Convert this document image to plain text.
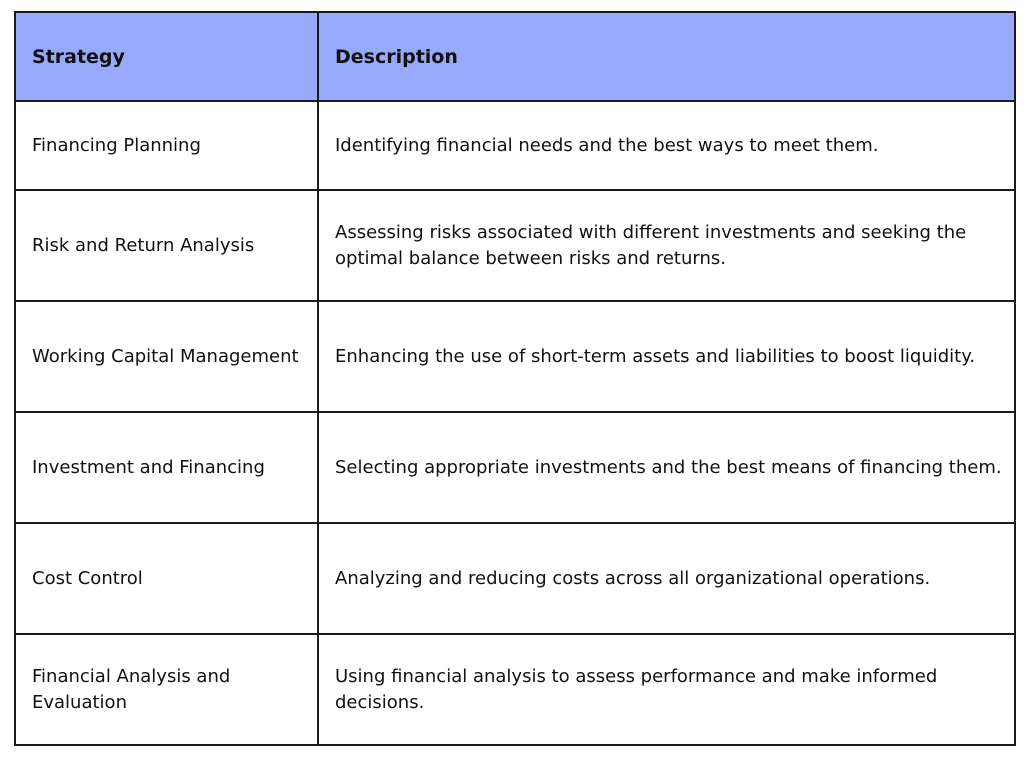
Strategy	Description
Financing Planning	Identifying financial needs and the best ways to meet them.
Risk and Return Analysis	Assessing risks associated with different investments and seeking the optimal balance between risks and returns.
Working Capital Management	Enhancing the use of short-term assets and liabilities to boost liquidity.
Investment and Financing	Selecting appropriate investments and the best means of financing them.
Cost Control	Analyzing and reducing costs across all organizational operations.
Financial Analysis and Evaluation	Using financial analysis to assess performance and make informed decisions.
